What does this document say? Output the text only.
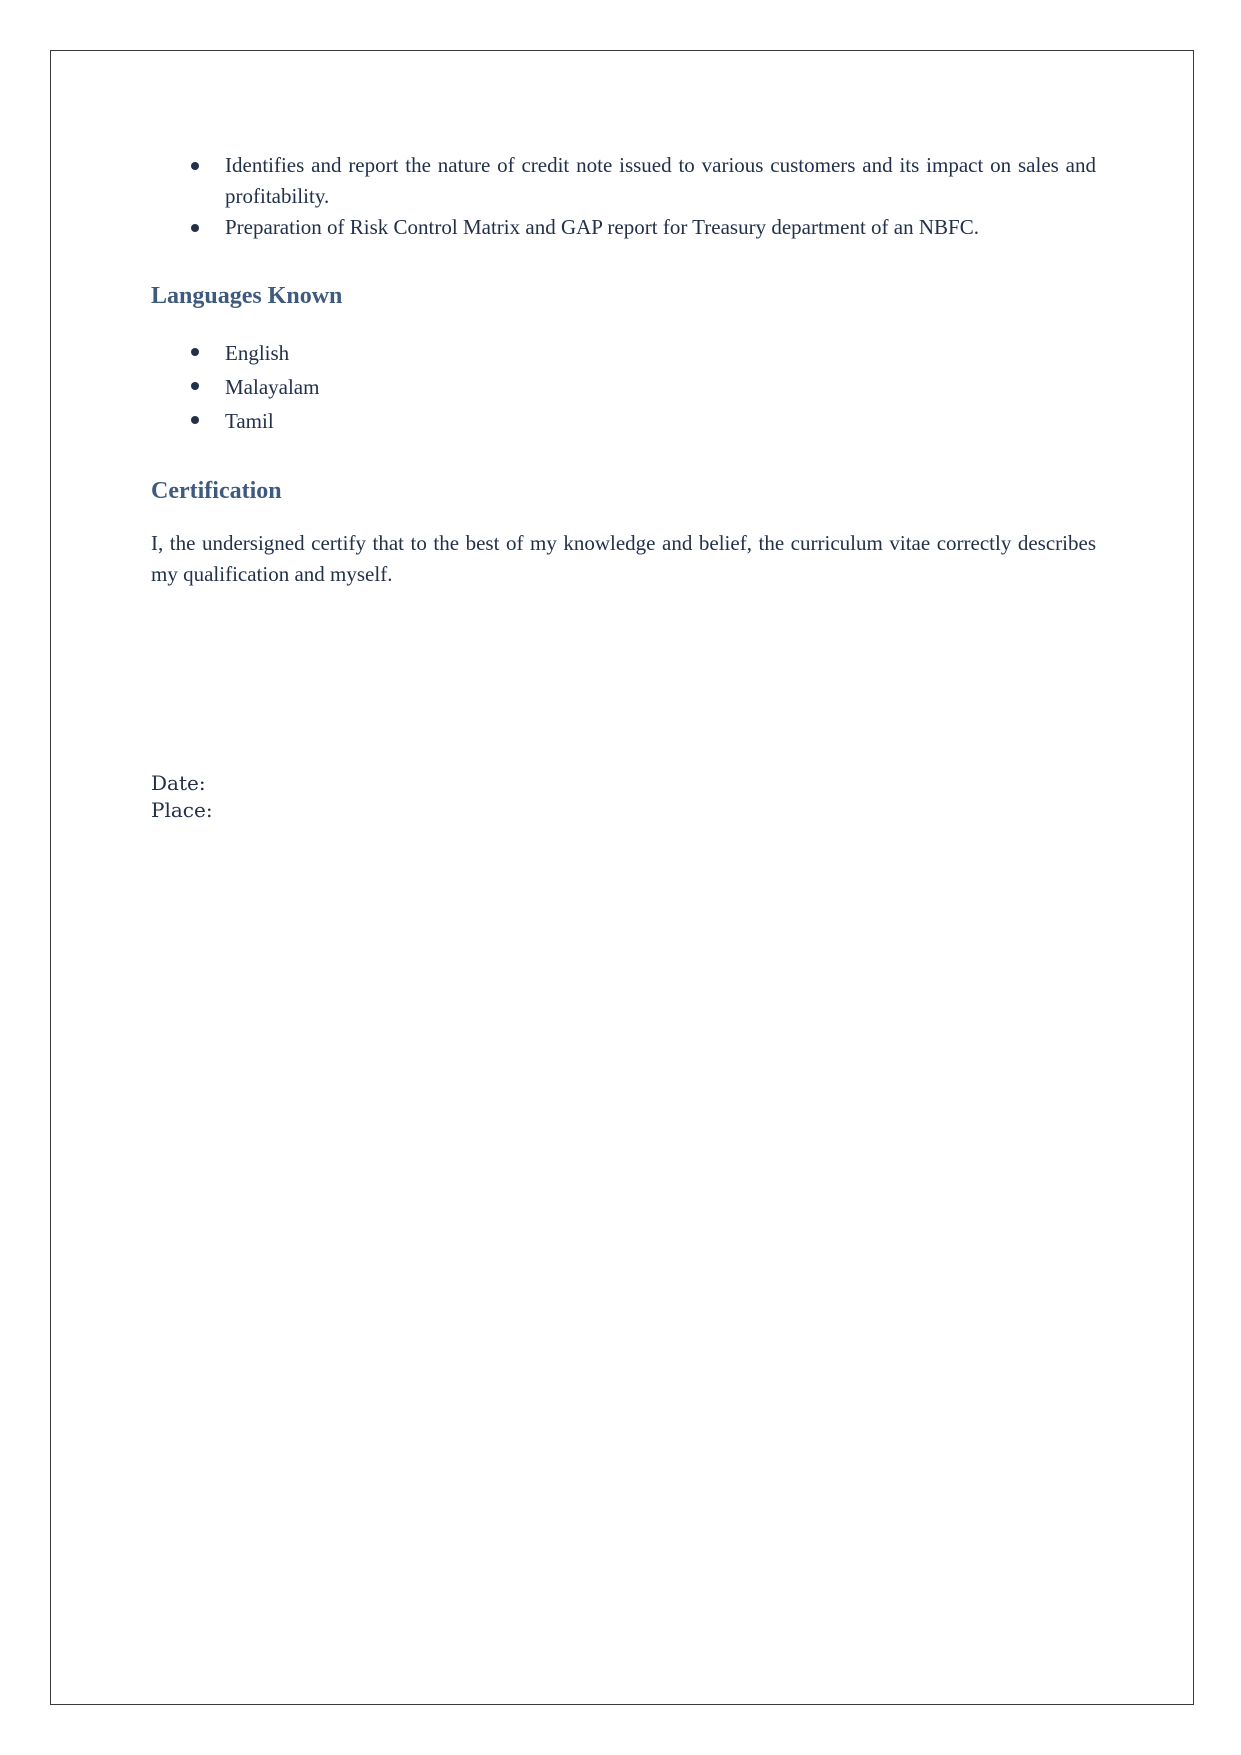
Identifies and report the nature of credit note issued to various customers and its impact on sales and profitability.
Preparation of Risk Control Matrix and GAP report for Treasury department of an NBFC.
Languages Known
English
Malayalam
Tamil
Certification

I, the undersigned certify that to the best of my knowledge and belief, the curriculum vitae correctly describes my qualification and myself.

Date:
Place:
